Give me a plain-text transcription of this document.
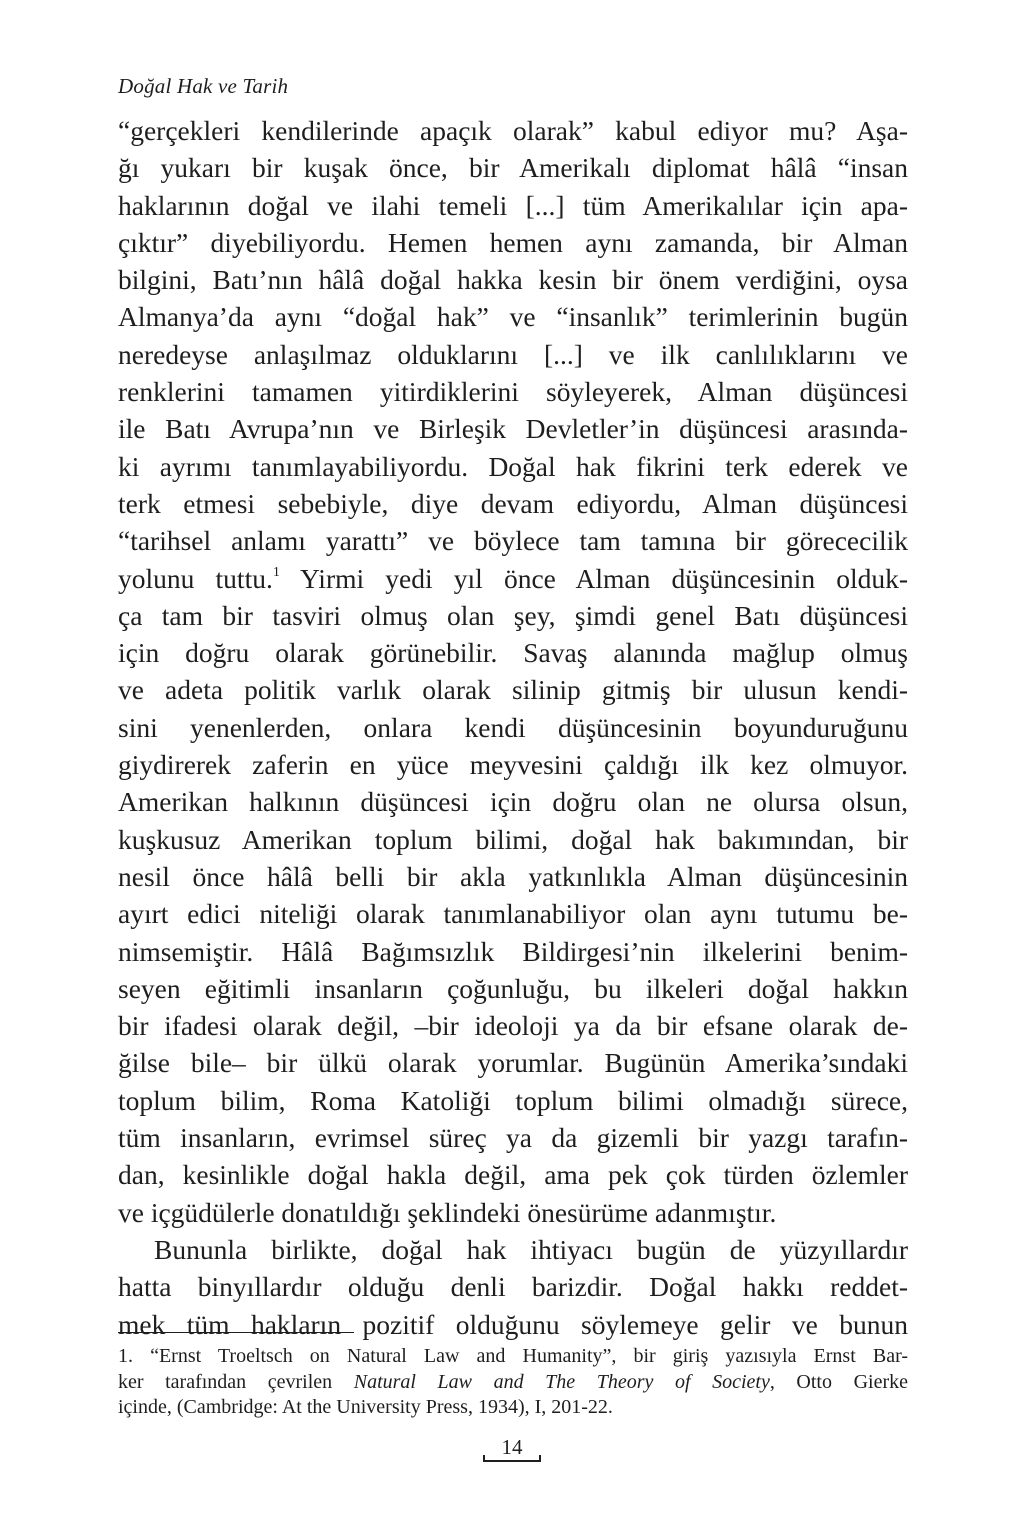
Doğal Hak ve Tarih
“gerçekleri kendilerinde apaçık olarak” kabul ediyor mu? Aşa-
ğı yukarı bir kuşak önce, bir Amerikalı diplomat hâlâ “insan
haklarının doğal ve ilahi temeli [...] tüm Amerikalılar için apa-
çıktır” diyebiliyordu. Hemen hemen aynı zamanda, bir Alman
bilgini, Batı’nın hâlâ doğal hakka kesin bir önem verdiğini, oysa
Almanya’da aynı “doğal hak” ve “insanlık” terimlerinin bugün
neredeyse anlaşılmaz olduklarını [...] ve ilk canlılıklarını ve
renklerini tamamen yitirdiklerini söyleyerek, Alman düşüncesi
ile Batı Avrupa’nın ve Birleşik Devletler’in düşüncesi arasında-
ki ayrımı tanımlayabiliyordu. Doğal hak fikrini terk ederek ve
terk etmesi sebebiyle, diye devam ediyordu, Alman düşüncesi
“tarihsel anlamı yarattı” ve böylece tam tamına bir görececilik
yolunu tuttu.$^1$ Yirmi yedi yıl önce Alman düşüncesinin olduk-
ça tam bir tasviri olmuş olan şey, şimdi genel Batı düşüncesi
için doğru olarak görünebilir. Savaş alanında mağlup olmuş
ve adeta politik varlık olarak silinip gitmiş bir ulusun kendi-
sini yenenlerden, onlara kendi düşüncesinin boyunduruğunu
giydirerek zaferin en yüce meyvesini çaldığı ilk kez olmuyor.
Amerikan halkının düşüncesi için doğru olan ne olursa olsun,
kuşkusuz Amerikan toplum bilimi, doğal hak bakımından, bir
nesil önce hâlâ belli bir akla yatkınlıkla Alman düşüncesinin
ayırt edici niteliği olarak tanımlanabiliyor olan aynı tutumu be-
nimsemiştir. Hâlâ Bağımsızlık Bildirgesi’nin ilkelerini benim-
seyen eğitimli insanların çoğunluğu, bu ilkeleri doğal hakkın
bir ifadesi olarak değil, –bir ideoloji ya da bir efsane olarak de-
ğilse bile– bir ülkü olarak yorumlar. Bugünün Amerika’sındaki
toplum bilim, Roma Katoliği toplum bilimi olmadığı sürece,
tüm insanların, evrimsel süreç ya da gizemli bir yazgı tarafın-
dan, kesinlikle doğal hakla değil, ama pek çok türden özlemler
ve içgüdülerle donatıldığı şeklindeki önesürüme adanmıştır.
Bununla birlikte, doğal hak ihtiyacı bugün de yüzyıllardır
hatta binyıllardır olduğu denli barizdir. Doğal hakkı reddet-
mek tüm hakların pozitif olduğunu söylemeye gelir ve bunun
1. “Ernst Troeltsch on Natural Law and Humanity”, bir giriş yazısıyla Ernst Bar-
ker tarafından çevrilen Natural Law and The Theory of Society, Otto Gierke
içinde, (Cambridge: At the University Press, 1934), I, 201-22.
14
